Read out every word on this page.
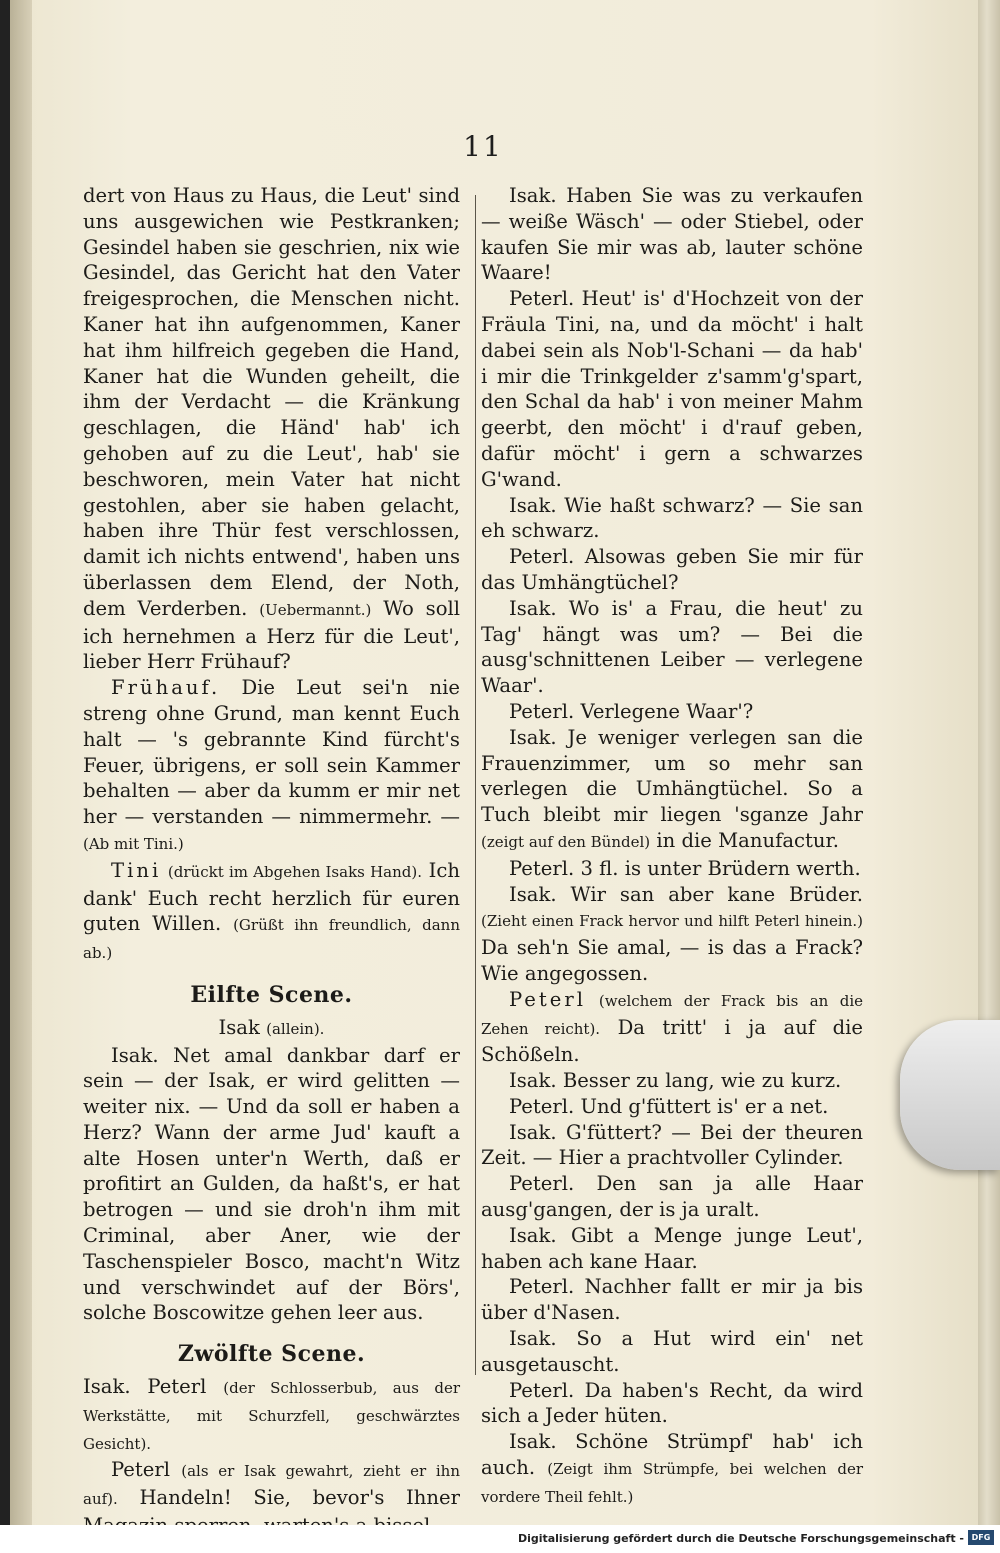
11

dert von Haus zu Haus, die Leut' sind uns ausgewichen wie Pestkranken; Gesindel haben sie geschrien, nix wie Gesindel, das Gericht hat den Vater freigesprochen, die Menschen nicht. Kaner hat ihn aufgenommen, Kaner hat ihm hilfreich gegeben die Hand, Kaner hat die Wunden geheilt, die ihm der Verdacht — die Kränkung geschlagen, die Händ' hab' ich gehoben auf zu die Leut', hab' sie beschworen, mein Vater hat nicht gestohlen, aber sie haben gelacht, haben ihre Thür fest verschlossen, damit ich nichts entwend', haben uns überlassen dem Elend, der Noth, dem Verderben. (Uebermannt.) Wo soll ich hernehmen a Herz für die Leut', lieber Herr Frühauf?

Frühauf. Die Leut sei'n nie streng ohne Grund, man kennt Euch halt — 's gebrannte Kind fürcht's Feuer, übrigens, er soll sein Kammer behalten — aber da kumm er mir net her — verstanden — nimmermehr. — (Ab mit Tini.)

Tini (drückt im Abgehen Isaks Hand). Ich dank' Euch recht herzlich für euren guten Willen. (Grüßt ihn freundlich, dann ab.)

Eilfte Scene.

Isak (allein).

Isak. Net amal dankbar darf er sein — der Isak, er wird gelitten — weiter nix. — Und da soll er haben a Herz? Wann der arme Jud' kauft a alte Hosen unter'n Werth, daß er profitirt an Gulden, da haßt's, er hat betrogen — und sie droh'n ihm mit Criminal, aber Aner, wie der Taschenspieler Bosco, macht'n Witz und verschwindet auf der Börs', solche Boscowitze gehen leer aus.

Zwölfte Scene.

Isak. Peterl (der Schlosserbub, aus der Werkstätte, mit Schurzfell, geschwärztes Gesicht).

Peterl (als er Isak gewahrt, zieht er ihn auf). Handeln! Sie, bevor's Ihner

Isak. Haben Sie was zu verkaufen — weiße Wäsch' — oder Stiebel, oder kaufen Sie mir was ab, lauter schöne Waare!

Peterl. Heut' is' d'Hochzeit von der Fräula Tini, na, und da möcht' i halt dabei sein als Nob'l-Schani — da hab' i mir die Trinkgelder z'samm'g'spart, den Schal da hab' i von meiner Mahm geerbt, den möcht' i d'rauf geben, dafür möcht' i gern a schwarzes G'wand.

Isak. Wie haßt schwarz? — Sie san eh schwarz.

Peterl. Alsowas geben Sie mir für das Umhängtüchel?

Isak. Wo is' a Frau, die heut' zu Tag' hängt was um? — Bei die ausg'schnittenen Leiber — verlegene Waar'.

Peterl. Verlegene Waar'?

Isak. Je weniger verlegen san die Frauenzimmer, um so mehr san verlegen die Umhängtüchel. So a Tuch bleibt mir liegen 'sganze Jahr (zeigt auf den Bündel) in die Manufactur.

Peterl. 3 fl. is unter Brüdern werth.

Isak. Wir san aber kane Brüder. (Zieht einen Frack hervor und hilft Peterl hinein.) Da seh'n Sie amal, — is das a Frack? Wie angegossen.

Peterl (welchem der Frack bis an die Zehen reicht). Da tritt' i ja auf die Schößeln.

Isak. Besser zu lang, wie zu kurz.

Peterl. Und g'füttert is' er a net.

Isak. G'füttert? — Bei der theuren Zeit. — Hier a prachtvoller Cylinder.

Peterl. Den san ja alle Haar ausg'gangen, der is ja uralt.

Isak. Gibt a Menge junge Leut', haben ach kane Haar.

Peterl. Nachher fallt er mir ja bis über d'Nasen.

Isak. So a Hut wird ein' net ausgetauscht.

Peterl. Da haben's Recht, da wird sich a Jeder hüten.

Isak. Schöne Strümpf' hab' ich auch. (Zeigt ihm Strümpfe, bei welchen der vordere Theil fehlt.)

Digitalisierung gefördert durch die Deutsche Forschungsgemeinschaft - DFG
